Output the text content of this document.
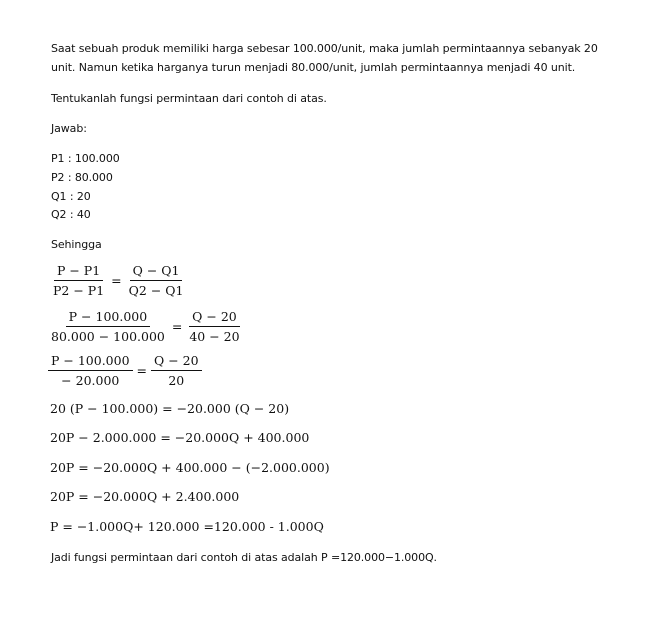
Saat sebuah produk memiliki harga sebesar 100.000/unit, maka jumlah permintaannya sebanyak 20
unit. Namun ketika harganya turun menjadi 80.000/unit, jumlah permintaannya menjadi 40 unit.
Tentukanlah fungsi permintaan dari contoh di atas.
Jawab:
P1 : 100.000
P2 : 80.000
Q1 : 20
Q2 : 40
Sehingga
$\frac{P - P1}{P2 - P1} = \frac{Q - Q1}{Q2 - Q1}$
$\frac{P - 100.000}{80.000 - 100.000} = \frac{Q - 20}{40 - 20}$
$\frac{P - 100.000}{- 20.000} = \frac{Q - 20}{20}$
20 (P − 100.000) = −20.000 (Q − 20)
20P − 2.000.000 = −20.000Q + 400.000
20P = −20.000Q + 400.000 − (−2.000.000)
20P = −20.000Q + 2.400.000
P = −1.000Q+ 120.000 =120.000 - 1.000Q
Jadi fungsi permintaan dari contoh di atas adalah P =120.000−1.000Q.
